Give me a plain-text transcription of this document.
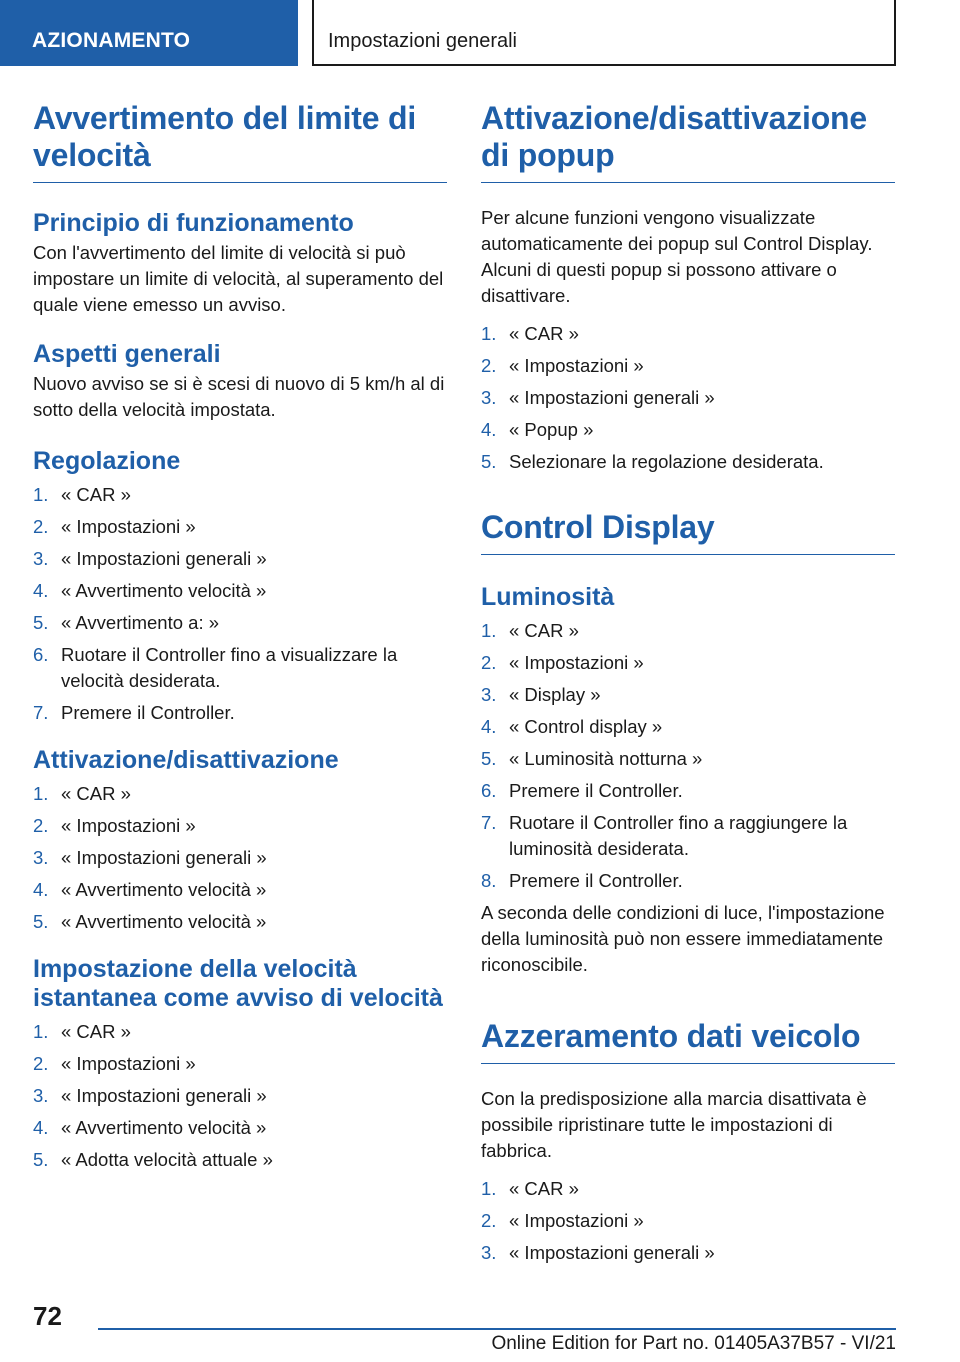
AZIONAMENTO	Impostazioni generali
Avvertimento del limite di velocità
Principio di funzionamento

Con l'avvertimento del limite di velocità si può impostare un limite di velocità, al superamento del quale viene emesso un avviso.

Aspetti generali

Nuovo avviso se si è scesi di nuovo di 5 km/h al di sotto della velocità impostata.

Regolazione
1. « CAR »
2. « Impostazioni »
3. « Impostazioni generali »
4. « Avvertimento velocità »
5. « Avvertimento a: »
6. Ruotare il Controller fino a visualizzare la velocità desiderata.
7. Premere il Controller.
Attivazione/disattivazione
1. « CAR »
2. « Impostazioni »
3. « Impostazioni generali »
4. « Avvertimento velocità »
5. « Avvertimento velocità »
Impostazione della velocità istantanea come avviso di velocità
1. « CAR »
2. « Impostazioni »
3. « Impostazioni generali »
4. « Avvertimento velocità »
5. « Adotta velocità attuale »
Attivazione/disattivazione di popup

Per alcune funzioni vengono visualizzate automaticamente dei popup sul Control Display. Alcuni di questi popup si possono attivare o disattivare.

1. « CAR »
2. « Impostazioni »
3. « Impostazioni generali »
4. « Popup »
5. Selezionare la regolazione desiderata.
Control Display
Luminosità
1. « CAR »
2. « Impostazioni »
3. « Display »
4. « Control display »
5. « Luminosità notturna »
6. Premere il Controller.
7. Ruotare il Controller fino a raggiungere la luminosità desiderata.
8. Premere il Controller.

A seconda delle condizioni di luce, l'impostazione della luminosità può non essere immediatamente riconoscibile.

Azzeramento dati veicolo

Con la predisposizione alla marcia disattivata è possibile ripristinare tutte le impostazioni di fabbrica.

1. « CAR »
2. « Impostazioni »
3. « Impostazioni generali »
72
Online Edition for Part no. 01405A37B57 - VI/21
